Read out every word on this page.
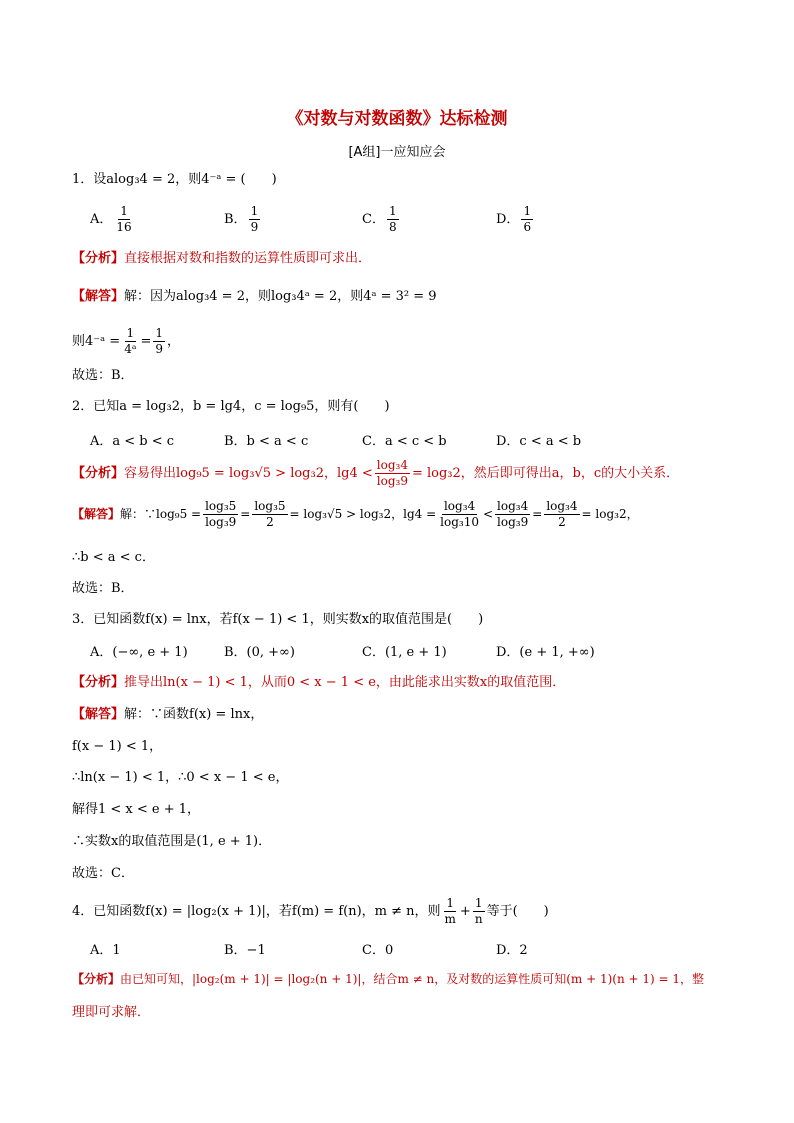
《对数与对数函数》达标检测
[A组]一应知应会
1．设alog₃4 = 2，则4⁻ᵃ = (　　)
A． $\frac{1}{16}$	B． $\frac{1}{9}$	C． $\frac{1}{8}$	D． $\frac{1}{6}$
【分析】直接根据对数和指数的运算性质即可求出．
【解答】解：因为alog₃4 = 2，则log₃4ᵃ = 2，则4ᵃ = 3² = 9
则4⁻ᵃ = $\frac{1}{\text{4ᵃ}} = \frac{1}{9}$ ，
故选：B．
2．已知a = log₃2，b = lg4，c = log₉5，则有(　　)
A．a < b < c	B．b < a < c	C．a < c < b	D．c < a < b
【分析】容易得出log₉5 = log₃√5 > log₃2，$\lg 4 < \frac{\text{log₃4}}{\text{log₃9}} = \log_32$，然后即可得出a，b，c的大小关系．
【解答】解：∵log₉5 = $\frac{\text{log₃5}}{\text{log₃9}} = \frac{\text{log₃5}}{2} = \log_3√5 > \log_32$，$\lg 4 = \frac{\text{log₃4}}{\text{log₃10}} < \frac{\text{log₃4}}{\text{log₃9}} = \frac{\text{log₃4}}{2} = \log_32$，
∴b < a < c．
故选：B．
3．已知函数f(x) = lnx，若f(x − 1) < 1，则实数x的取值范围是(　　)
A．(−∞, e + 1)	B．(0, +∞)	C．(1, e + 1)	D．(e + 1, +∞)
【分析】推导出ln(x − 1) < 1，从而0 < x − 1 < e，由此能求出实数x的取值范围．
【解答】解：∵函数f(x) = lnx，
f(x − 1) < 1，
∴ln(x − 1) < 1，∴0 < x − 1 < e，
解得1 < x < e + 1，
∴实数x的取值范围是(1, e + 1)．
故选：C．
4．已知函数f(x) = |log₂(x + 1)|，若f(m) = f(n)，m ≠ n，则 $\frac{1}{m} + \frac{1}{n}$ 等于(　　)
A．1	B．−1	C．0	D．2
【分析】由已知可知，|log₂(m + 1)| = |log₂(n + 1)|，结合m ≠ n，及对数的运算性质可知(m + 1)(n + 1) = 1，整
理即可求解．
